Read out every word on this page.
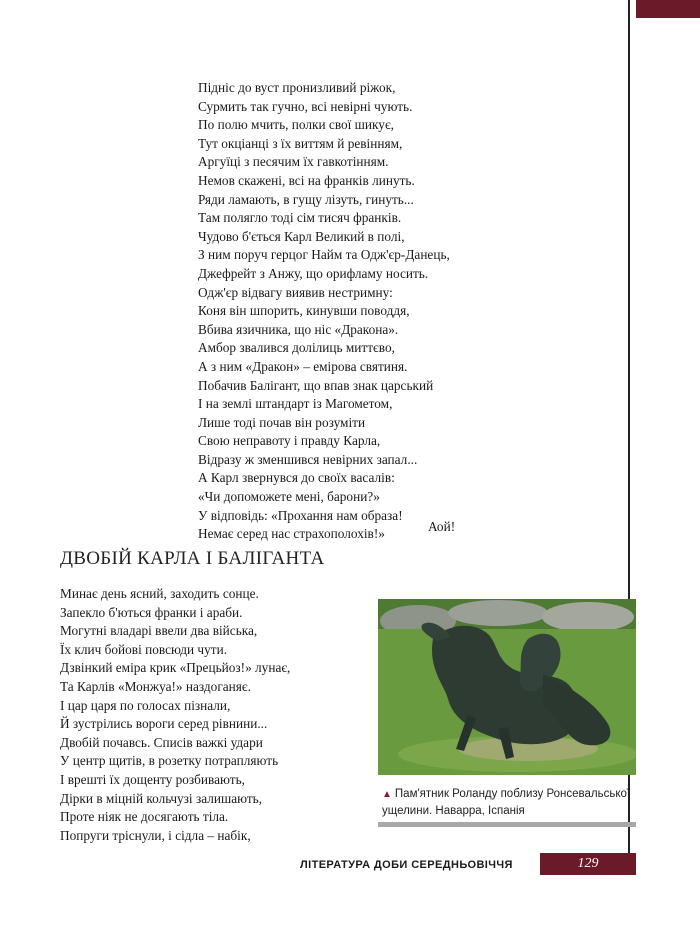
Підніс до вуст пронизливий ріжок,
Сурмить так гучно, всі невірні чують.
По полю мчить, полки свої шикує,
Тут окціанці з їх виттям й ревінням,
Аргуїці з пеcячим їх гавкотінням.
Немов скажені, всі на франків линуть.
Ряди ламають, в гущу лізуть, гинуть...
Там полягло тоді сім тисяч франків.
Чудово б'ється Карл Великий в полі,
З ним поруч герцог Найм та Одж'єр-Данець,
Джефрейт з Анжу, що орифламу носить.
Одж'єр відвагу виявив нестримну:
Коня він шпорить, кинувши поводдя,
Вбива язичника, що ніс «Дракона».
Амбор звалився долілиць миттєво,
А з ним «Дракон» – емірова святиня.
Побачив Балігант, що впав знак царський
І на землі штандарт із Магометом,
Лише тоді почав він розуміти
Свою неправоту і правду Карла,
Відразу ж зменшився невірних запал...
А Карл звернувся до своїх васалів:
«Чи допоможете мені, барони?»
У відповідь: «Прохання нам образа!
Немає серед нас страхополохів!»	Аой!
ДВОБІЙ КАРЛА І БАЛІГАНТА
Минає день ясний, заходить сонце.
Запекло б'ються франки і араби.
Могутні владарі ввели два війська,
Їх клич бойові повсюди чути.
Дзвінкий еміра крик «Прецьйоз!» лунає,
Та Карлів «Монжуа!» наздоганяє.
І цар царя по голосах пізнали,
Й зустрілись вороги серед рівнини...
Двобій почавсь. Списів важкі удари
У центр щитів, в розетку потрапляють
І врешті їх дощенту розбивають,
Дірки в міцній кольчузі залишають,
Проте ніяк не досягають тіла.
Попруги тріснули, і сідла – набік,
▲ Пам'ятник Роланду поблизу Ронсевальської ущелини. Наварра, Іспанія
ЛІТЕРАТУРА ДОБИ СЕРЕДНЬОВІЧЧЯ	129
